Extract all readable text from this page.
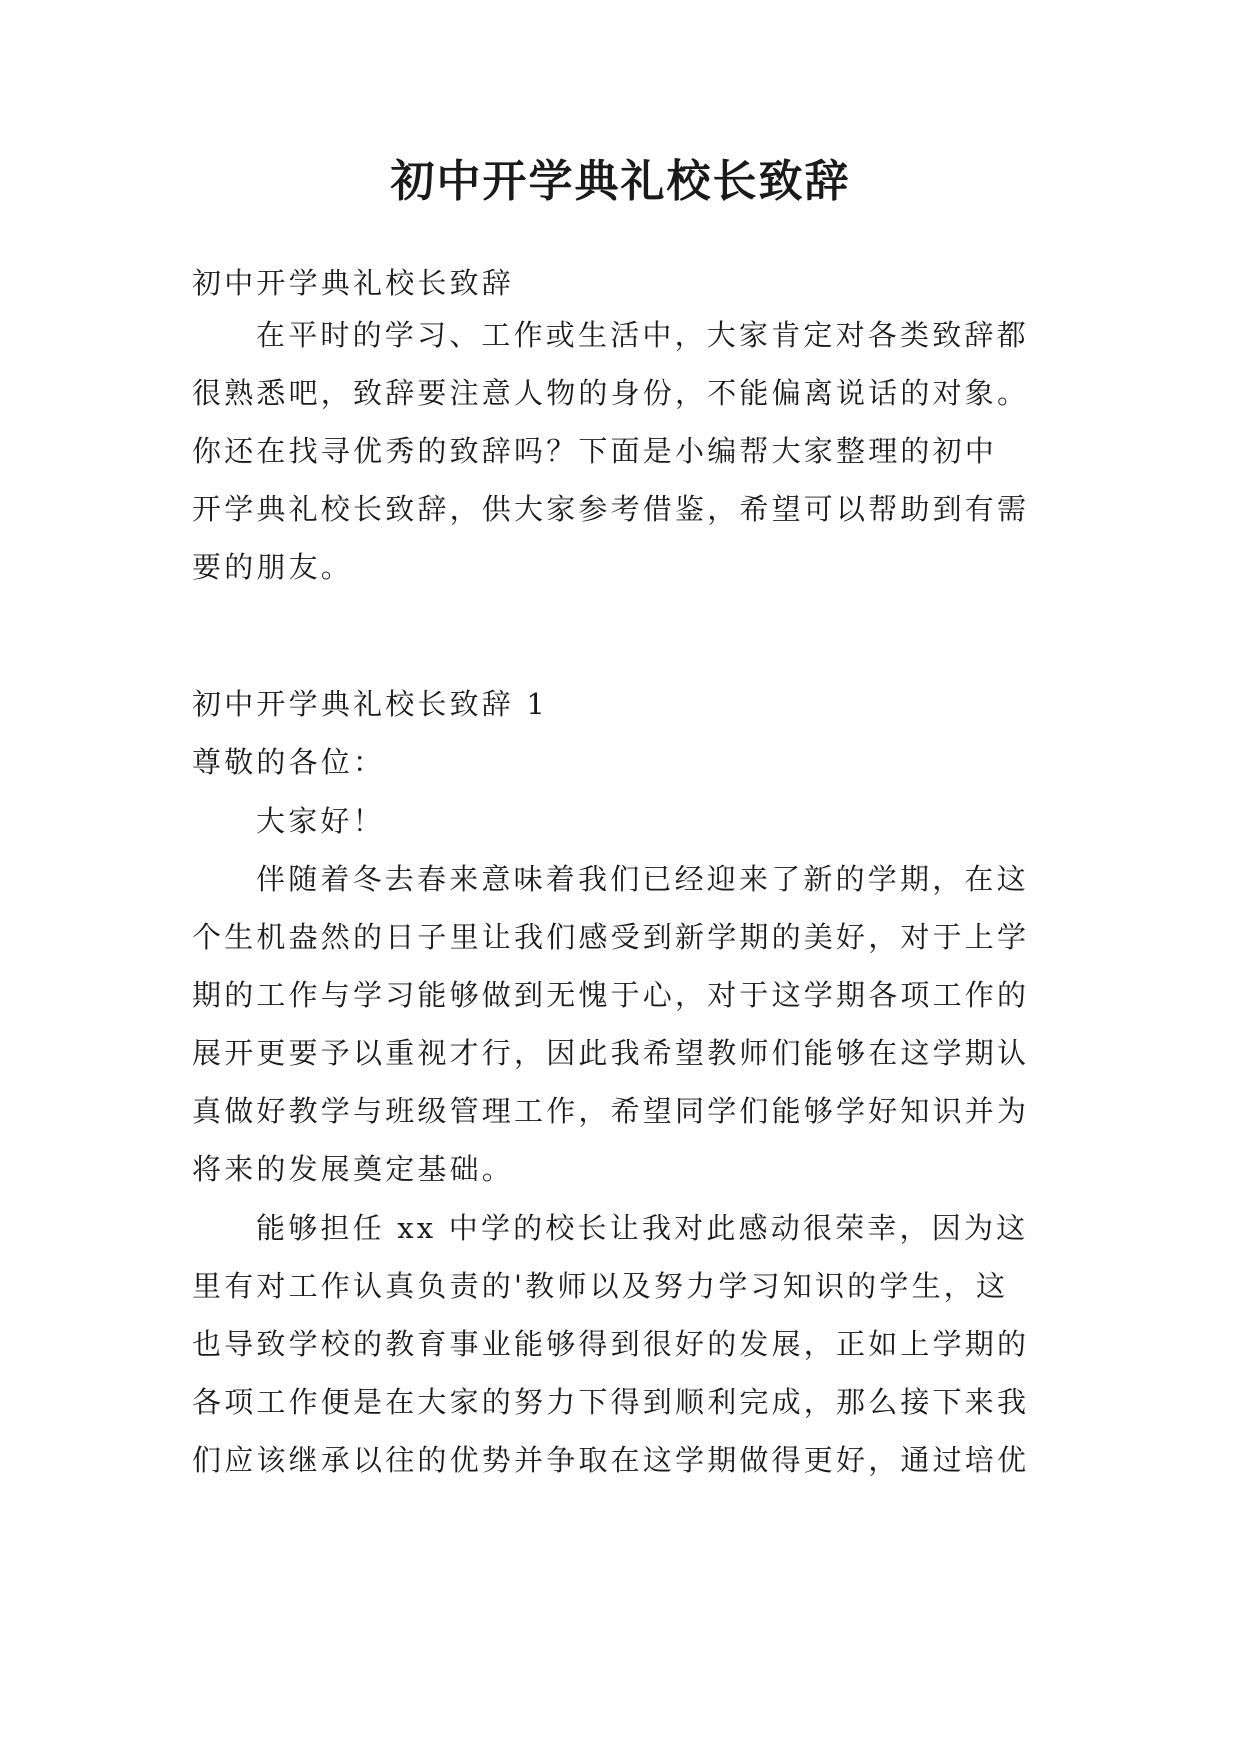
初中开学典礼校长致辞

初中开学典礼校长致辞

在平时的学习、工作或生活中，大家肯定对各类致辞都
很熟悉吧，致辞要注意人物的身份，不能偏离说话的对象。
你还在找寻优秀的致辞吗？下面是小编帮大家整理的初中
开学典礼校长致辞，供大家参考借鉴，希望可以帮助到有需
要的朋友。

初中开学典礼校长致辞 1

尊敬的各位：

大家好！

伴随着冬去春来意味着我们已经迎来了新的学期，在这
个生机盎然的日子里让我们感受到新学期的美好，对于上学
期的工作与学习能够做到无愧于心，对于这学期各项工作的
展开更要予以重视才行，因此我希望教师们能够在这学期认
真做好教学与班级管理工作，希望同学们能够学好知识并为
将来的发展奠定基础。
能够担任 xx 中学的校长让我对此感动很荣幸，因为这
里有对工作认真负责的'教师以及努力学习知识的学生，这
也导致学校的教育事业能够得到很好的发展，正如上学期的
各项工作便是在大家的努力下得到顺利完成，那么接下来我
们应该继承以往的优势并争取在这学期做得更好，通过培优
